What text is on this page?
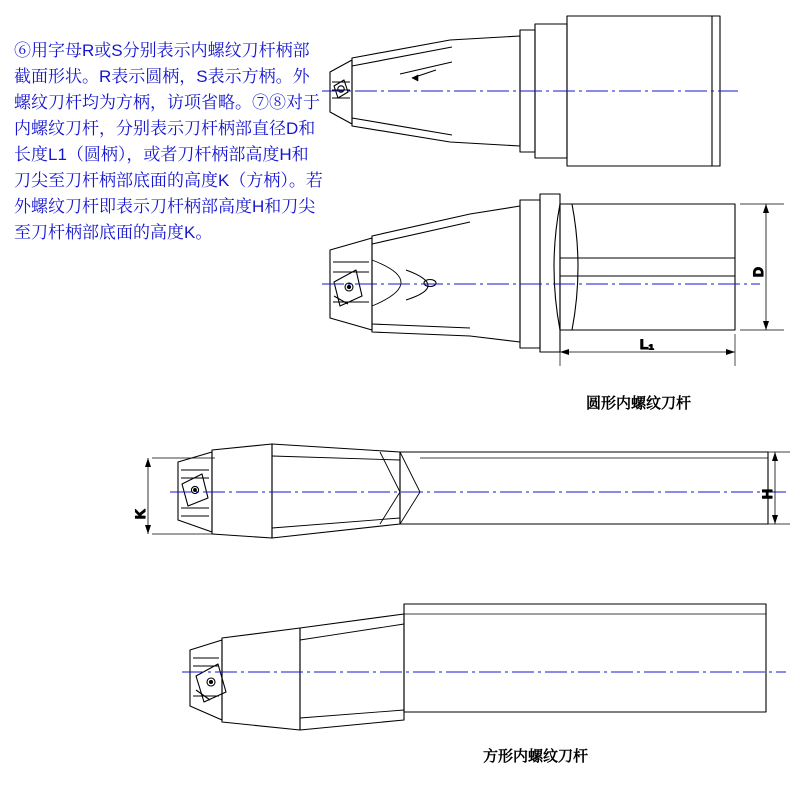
⑥用字母R或S分别表示内螺纹刀杆柄部截面形状。R表示圆柄，S表示方柄。外螺纹刀杆均为方柄，访项省略。⑦⑧对于内螺纹刀杆，分别表示刀杆柄部直径D和长度L1（圆柄），或者刀杆柄部高度H和刀尖至刀杆柄部底面的高度K（方柄）。若外螺纹刀杆即表示刀杆柄部高度H和刀尖至刀杆柄部底面的高度K。
D
L₁
K
H
圆形内螺纹刀杆
方形内螺纹刀杆
